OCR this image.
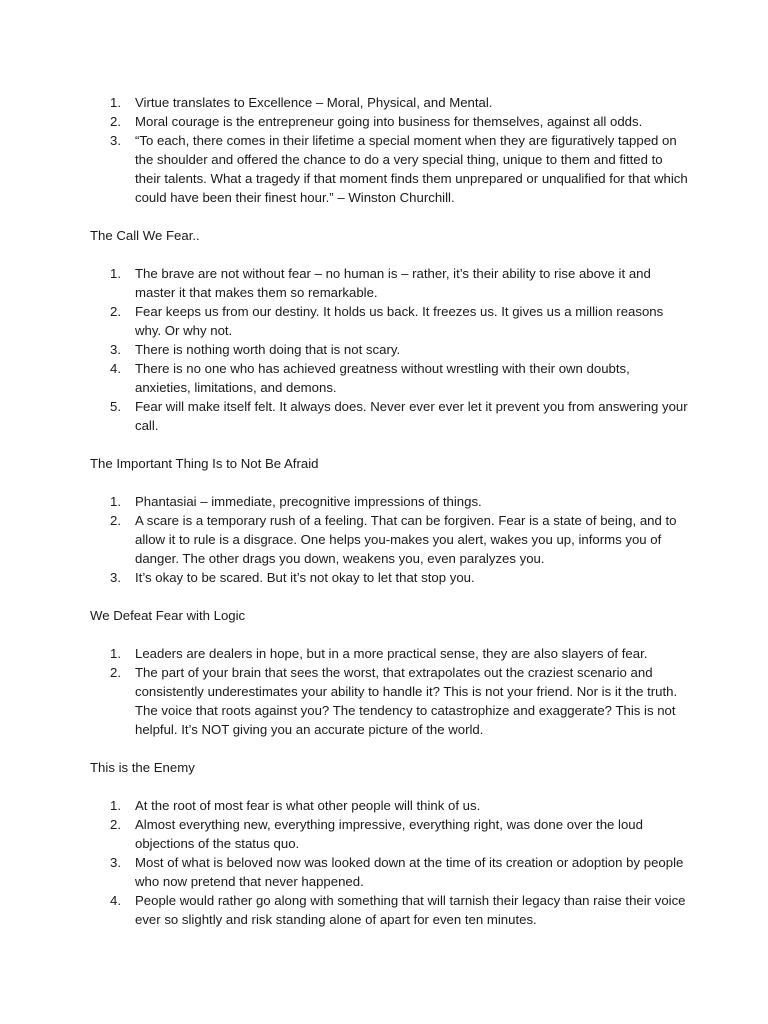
1. Virtue translates to Excellence – Moral, Physical, and Mental.
2. Moral courage is the entrepreneur going into business for themselves, against all odds.
3. “To each, there comes in their lifetime a special moment when they are figuratively tapped on the shoulder and offered the chance to do a very special thing, unique to them and fitted to their talents. What a tragedy if that moment finds them unprepared or unqualified for that which could have been their finest hour.” – Winston Churchill.
The Call We Fear..
1. The brave are not without fear – no human is – rather, it’s their ability to rise above it and master it that makes them so remarkable.
2. Fear keeps us from our destiny. It holds us back. It freezes us. It gives us a million reasons why. Or why not.
3. There is nothing worth doing that is not scary.
4. There is no one who has achieved greatness without wrestling with their own doubts, anxieties, limitations, and demons.
5. Fear will make itself felt. It always does. Never ever ever let it prevent you from answering your call.
The Important Thing Is to Not Be Afraid
1. Phantasiai – immediate, precognitive impressions of things.
2. A scare is a temporary rush of a feeling. That can be forgiven. Fear is a state of being, and to allow it to rule is a disgrace. One helps you-makes you alert, wakes you up, informs you of danger. The other drags you down, weakens you, even paralyzes you.
3. It’s okay to be scared. But it’s not okay to let that stop you.
We Defeat Fear with Logic
1. Leaders are dealers in hope, but in a more practical sense, they are also slayers of fear.
2. The part of your brain that sees the worst, that extrapolates out the craziest scenario and consistently underestimates your ability to handle it? This is not your friend. Nor is it the truth. The voice that roots against you? The tendency to catastrophize and exaggerate? This is not helpful. It’s NOT giving you an accurate picture of the world.
This is the Enemy
1. At the root of most fear is what other people will think of us.
2. Almost everything new, everything impressive, everything right, was done over the loud objections of the status quo.
3. Most of what is beloved now was looked down at the time of its creation or adoption by people who now pretend that never happened.
4. People would rather go along with something that will tarnish their legacy than raise their voice ever so slightly and risk standing alone of apart for even ten minutes.
